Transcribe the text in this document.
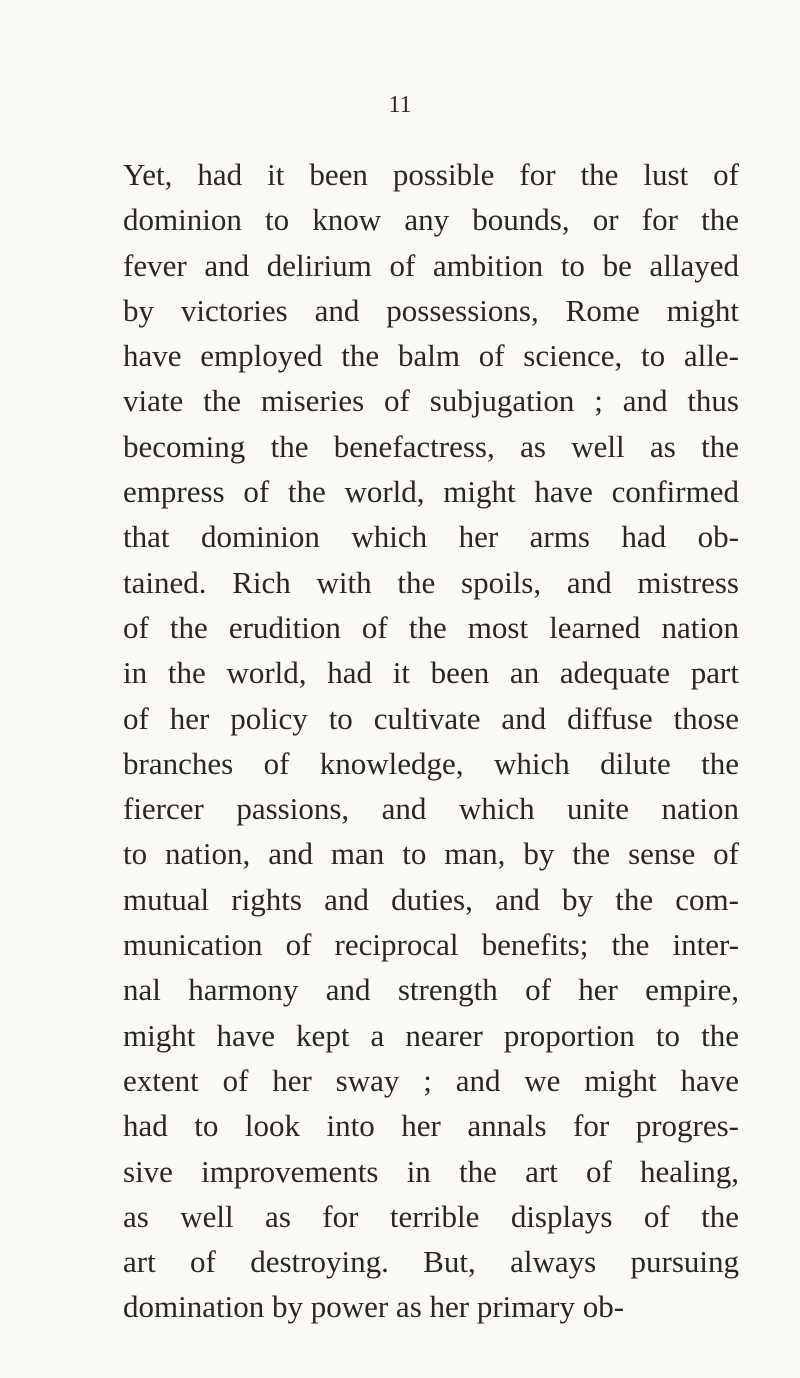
11
Yet, had it been possible for the lust of
dominion to know any bounds, or for the
fever and delirium of ambition to be allayed
by victories and possessions, Rome might
have employed the balm of science, to alle-
viate the miseries of subjugation ; and thus
becoming the benefactress, as well as the
empress of the world, might have confirmed
that dominion which her arms had ob-
tained. Rich with the spoils, and mistress
of the erudition of the most learned nation
in the world, had it been an adequate part
of her policy to cultivate and diffuse those
branches of knowledge, which dilute the
fiercer passions, and which unite nation
to nation, and man to man, by the sense of
mutual rights and duties, and by the com-
munication of reciprocal benefits; the inter-
nal harmony and strength of her empire,
might have kept a nearer proportion to the
extent of her sway ; and we might have
had to look into her annals for progres-
sive improvements in the art of healing,
as well as for terrible displays of the
art of destroying. But, always pursuing
domination by power as her primary ob-
